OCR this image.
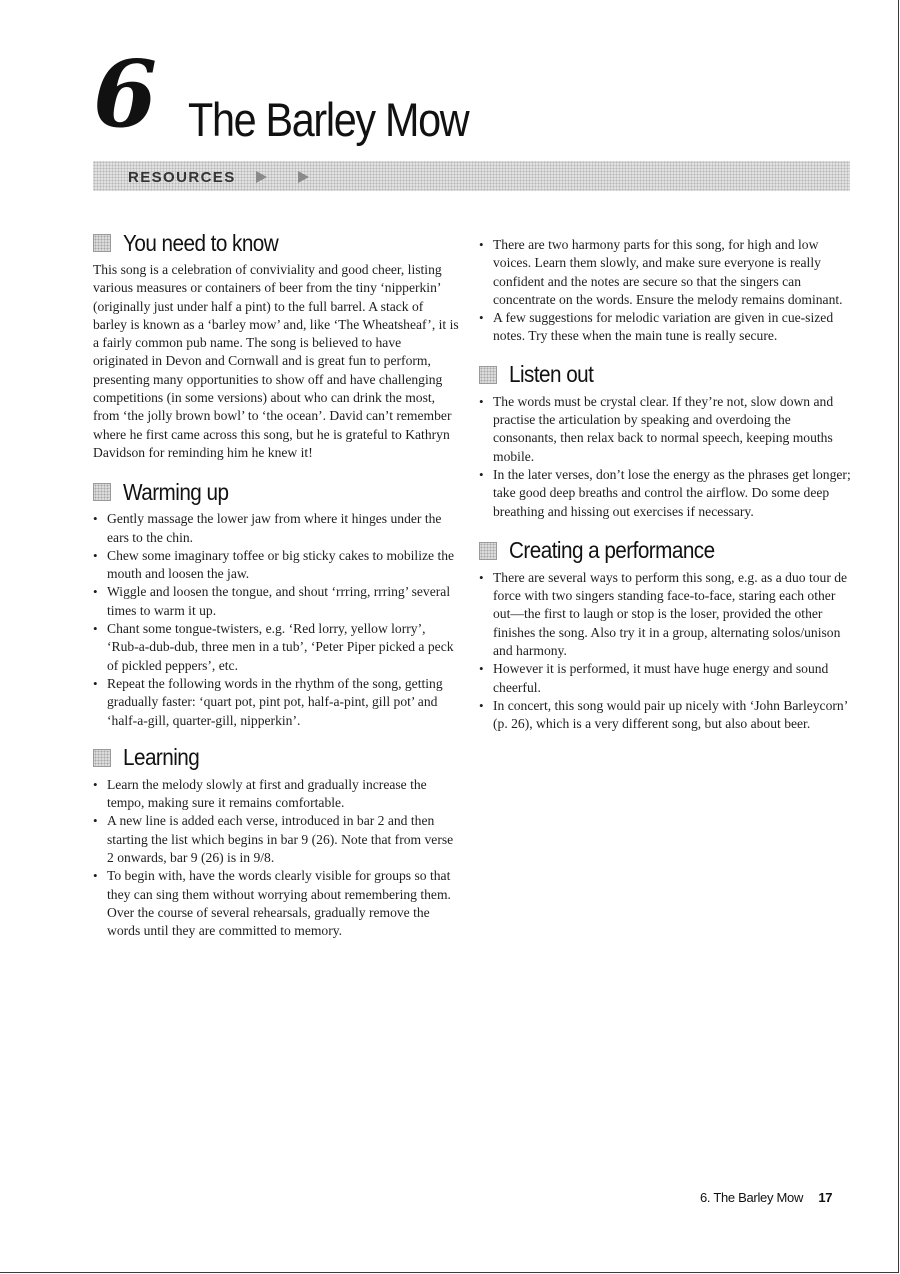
6 The Barley Mow
RESOURCES
You need to know

This song is a celebration of conviviality and good cheer, listing various measures or containers of beer from the tiny ‘nipperkin’ (originally just under half a pint) to the full barrel. A stack of barley is known as a ‘barley mow’ and, like ‘The Wheatsheaf’, it is a fairly common pub name. The song is believed to have originated in Devon and Cornwall and is great fun to perform, presenting many opportunities to show off and have challenging competitions (in some versions) about who can drink the most, from ‘the jolly brown bowl’ to ‘the ocean’. David can’t remember where he first came across this song, but he is grateful to Kathryn Davidson for reminding him he knew it!

Warming up
• Gently massage the lower jaw from where it hinges under the ears to the chin.
• Chew some imaginary toffee or big sticky cakes to mobilize the mouth and loosen the jaw.
• Wiggle and loosen the tongue, and shout ‘rrring, rrring’ several times to warm it up.
• Chant some tongue-twisters, e.g. ‘Red lorry, yellow lorry’, ‘Rub-a-dub-dub, three men in a tub’, ‘Peter Piper picked a peck of pickled peppers’, etc.
• Repeat the following words in the rhythm of the song, getting gradually faster: ‘quart pot, pint pot, half-a-pint, gill pot’ and ‘half-a-gill, quarter-gill, nipperkin’.
Learning
• Learn the melody slowly at first and gradually increase the tempo, making sure it remains comfortable.
• A new line is added each verse, introduced in bar 2 and then starting the list which begins in bar 9 (26). Note that from verse 2 onwards, bar 9 (26) is in 9/8.
• To begin with, have the words clearly visible for groups so that they can sing them without worrying about remembering them. Over the course of several rehearsals, gradually remove the words until they are committed to memory.
• There are two harmony parts for this song, for high and low voices. Learn them slowly, and make sure everyone is really confident and the notes are secure so that the singers can concentrate on the words. Ensure the melody remains dominant.
• A few suggestions for melodic variation are given in cue-sized notes. Try these when the main tune is really secure.
Listen out
• The words must be crystal clear. If they’re not, slow down and practise the articulation by speaking and overdoing the consonants, then relax back to normal speech, keeping mouths mobile.
• In the later verses, don’t lose the energy as the phrases get longer; take good deep breaths and control the airflow. Do some deep breathing and hissing out exercises if necessary.
Creating a performance
• There are several ways to perform this song, e.g. as a duo tour de force with two singers standing face-to-face, staring each other out—the first to laugh or stop is the loser, provided the other finishes the song. Also try it in a group, alternating solos/unison and harmony.
• However it is performed, it must have huge energy and sound cheerful.
• In concert, this song would pair up nicely with ‘John Barleycorn’ (p. 26), which is a very different song, but also about beer.
6. The Barley Mow 17
